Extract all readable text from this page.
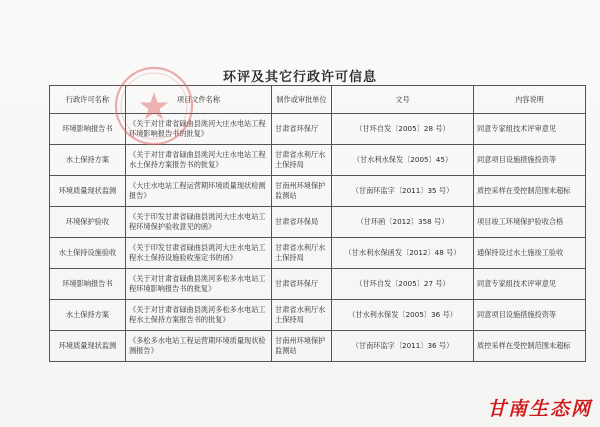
环评及其它行政许可信息
行政许可名称	项目文件名称	制作或审批单位	文号	内容说明
环境影响报告书	《关于对甘肃省碌曲县洮河大庄水电站工程环境影响报告书的批复》	甘肃省环保厅	（甘环自发〔2005〕28 号）	同意专家组技术评审意见
水土保持方案	《关于对甘肃省碌曲县洮河大庄水电站工程水土保持方案报告书的批复》	甘肃省水利厅水土保持局	（甘水利水保发〔2005〕45）	同意项目设施措施投资等
环境质量现状监测	《大庄水电站工程运营期环境质量现状检测报告》	甘南州环境保护监测站	（甘南环监字〔2011〕35 号）	质控采样在受控制范围未超标
环境保护验收	《关于印发甘肃省碌曲县洮河大庄水电站工程环境保护验收意见的函》	甘肃省环保局	（甘环函〔2012〕358 号）	项目竣工环境保护验收合格
水土保持设施验收	《关于印发甘肃省碌曲县洮河大庄水电站工程水土保持设施验收鉴定书的函》	甘肃省水利厅水土保持局	（甘水利水保函发〔2012〕48 号）	通保持设过水土施竣工验收
环境影响报告书	《关于对甘肃省碌曲县洮河多松多水电站工程环境影响报告书的批复》	甘肃省环保厅	（甘环自发〔2005〕27 号）	同意专家组技术评审意见
水土保持方案	《关于对甘肃省碌曲县洮河多松多水电站工程水土保持方案报告书的批复》	甘肃省水利厅水土保持局	（甘水利水保发〔2005〕36 号）	同意项目设施措施投资等
环境质量现状监测	《多松多水电站工程运营期环境质量现状检测报告》	甘南州环境保护监测站	（甘南环监字〔2011〕36 号）	质控采样在受控制范围未超标
甘南生态网
